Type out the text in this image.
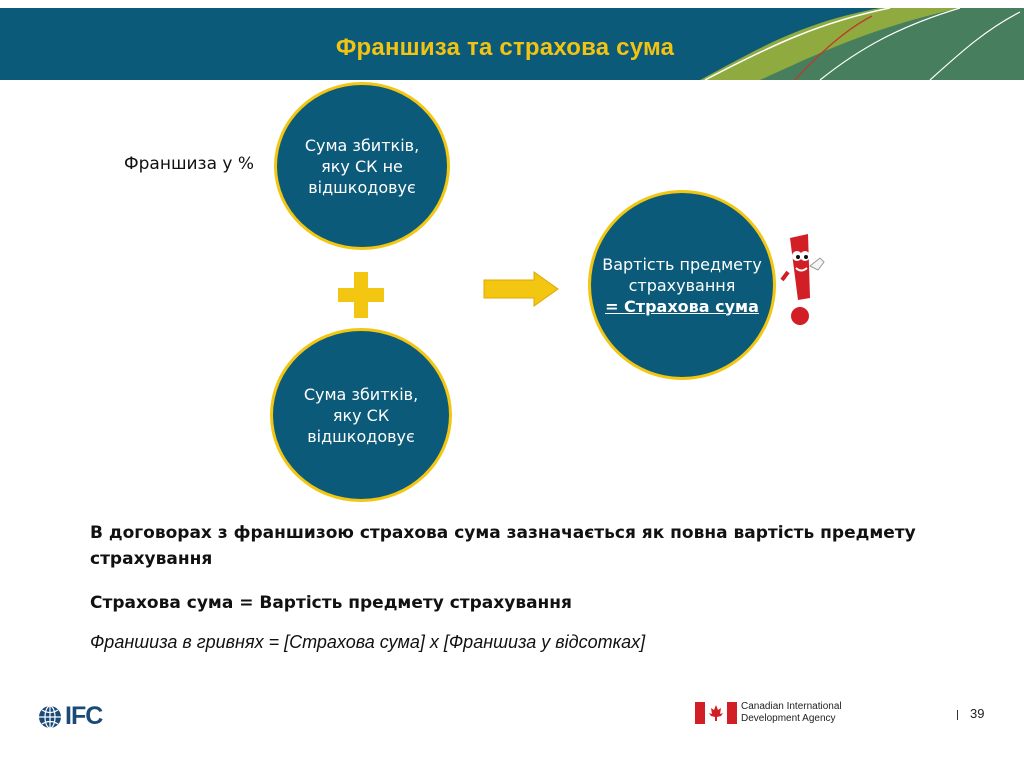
Франшиза та страхова сума
Франшиза у %
Сума збитків, яку СК не відшкодовує
Сума збитків, яку СК відшкодовує
Вартість предмету страхування
= Страхова сума
В договорах з франшизою страхова сума зазначається як повна вартість предмету страхування
Страхова сума = Вартість предмету страхування
Франшиза в гривнях = [Страхова сума] х [Франшиза у відсотках]
IFC	Canadian International Development Agency	39
